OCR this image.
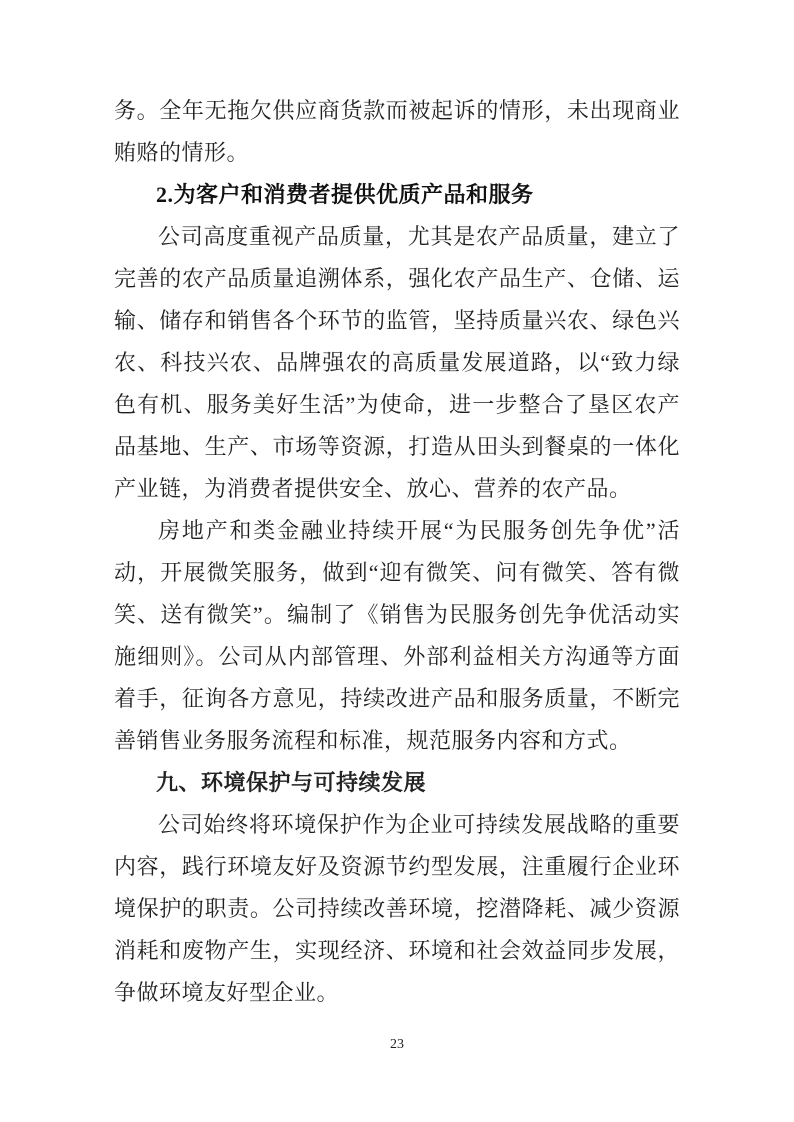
务。全年无拖欠供应商货款而被起诉的情形，未出现商业贿赂的情形。

2.为客户和消费者提供优质产品和服务

公司高度重视产品质量，尤其是农产品质量，建立了完善的农产品质量追溯体系，强化农产品生产、仓储、运输、储存和销售各个环节的监管，坚持质量兴农、绿色兴农、科技兴农、品牌强农的高质量发展道路，以“致力绿色有机、服务美好生活”为使命，进一步整合了垦区农产品基地、生产、市场等资源，打造从田头到餐桌的一体化产业链，为消费者提供安全、放心、营养的农产品。

房地产和类金融业持续开展“为民服务创先争优”活动，开展微笑服务，做到“迎有微笑、问有微笑、答有微笑、送有微笑”。编制了《销售为民服务创先争优活动实施细则》。公司从内部管理、外部利益相关方沟通等方面着手，征询各方意见，持续改进产品和服务质量，不断完善销售业务服务流程和标准，规范服务内容和方式。

九、环境保护与可持续发展

公司始终将环境保护作为企业可持续发展战略的重要内容，践行环境友好及资源节约型发展，注重履行企业环境保护的职责。公司持续改善环境，挖潜降耗、减少资源消耗和废物产生，实现经济、环境和社会效益同步发展，争做环境友好型企业。

23
